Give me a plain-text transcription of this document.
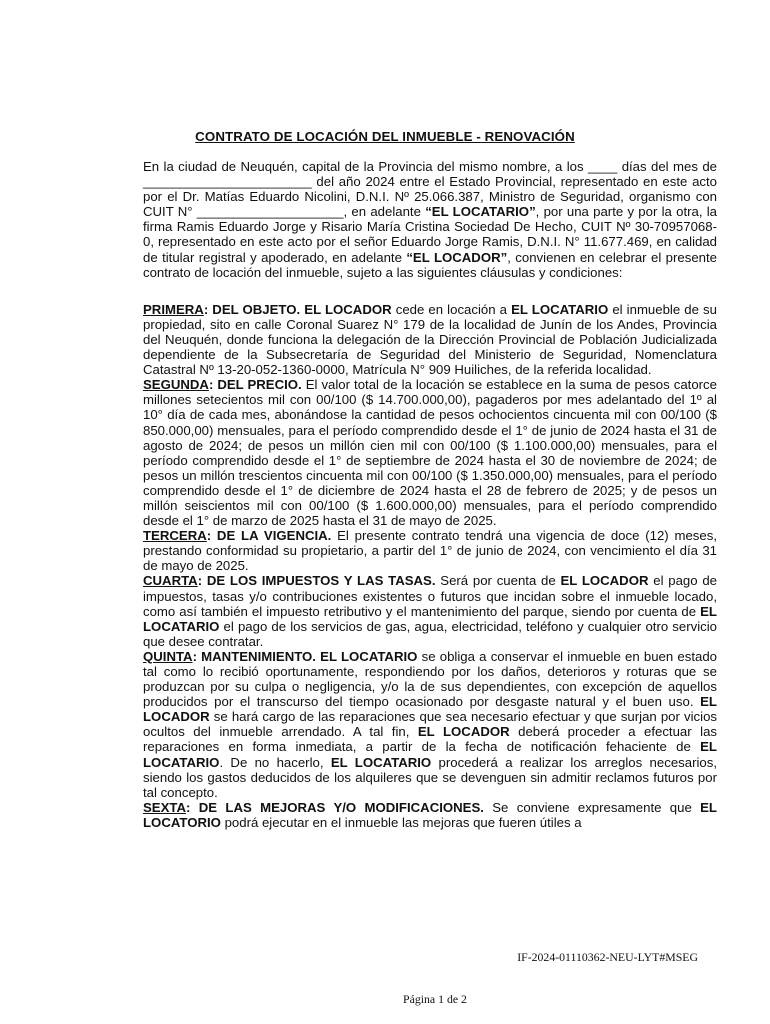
CONTRATO DE LOCACIÓN DEL INMUEBLE - RENOVACIÓN

En la ciudad de Neuquén, capital de la Provincia del mismo nombre, a los ____ días del mes de _______________________ del año 2024 entre el Estado Provincial, representado en este acto por el Dr. Matías Eduardo Nicolini, D.N.I. Nº 25.066.387, Ministro de Seguridad, organismo con CUIT N° ____________________, en adelante “EL LOCATARIO”, por una parte y por la otra, la firma Ramis Eduardo Jorge y Risario María Cristina Sociedad De Hecho, CUIT Nº 30-70957068-0, representado en este acto por el señor Eduardo Jorge Ramis, D.N.I. N° 11.677.469, en calidad de titular registral y apoderado, en adelante “EL LOCADOR”, convienen en celebrar el presente contrato de locación del inmueble, sujeto a las siguientes cláusulas y condiciones:

PRIMERA: DEL OBJETO. EL LOCADOR cede en locación a EL LOCATARIO el inmueble de su propiedad, sito en calle Coronal Suarez N° 179 de la localidad de Junín de los Andes, Provincia del Neuquén, donde funciona la delegación de la Dirección Provincial de Población Judicializada dependiente de la Subsecretaría de Seguridad del Ministerio de Seguridad, Nomenclatura Catastral Nº 13-20-052-1360-0000, Matrícula N° 909 Huiliches, de la referida localidad.

SEGUNDA: DEL PRECIO. El valor total de la locación se establece en la suma de pesos catorce millones setecientos mil con 00/100 ($ 14.700.000,00), pagaderos por mes adelantado del 1º al 10° día de cada mes, abonándose la cantidad de pesos ochocientos cincuenta mil con 00/100 ($ 850.000,00) mensuales, para el período comprendido desde el 1° de junio de 2024 hasta el 31 de agosto de 2024; de pesos un millón cien mil con 00/100 ($ 1.100.000,00) mensuales, para el período comprendido desde el 1° de septiembre de 2024 hasta el 30 de noviembre de 2024; de pesos un millón trescientos cincuenta mil con 00/100 ($ 1.350.000,00) mensuales, para el período comprendido desde el 1° de diciembre de 2024 hasta el 28 de febrero de 2025; y de pesos un millón seiscientos mil con 00/100 ($ 1.600.000,00) mensuales, para el período comprendido desde el 1° de marzo de 2025 hasta el 31 de mayo de 2025.

TERCERA: DE LA VIGENCIA. El presente contrato tendrá una vigencia de doce (12) meses, prestando conformidad su propietario, a partir del 1° de junio de 2024, con vencimiento el día 31 de mayo de 2025.

CUARTA: DE LOS IMPUESTOS Y LAS TASAS. Será por cuenta de EL LOCADOR el pago de impuestos, tasas y/o contribuciones existentes o futuros que incidan sobre el inmueble locado, como así también el impuesto retributivo y el mantenimiento del parque, siendo por cuenta de EL LOCATARIO el pago de los servicios de gas, agua, electricidad, teléfono y cualquier otro servicio que desee contratar.

QUINTA: MANTENIMIENTO. EL LOCATARIO se obliga a conservar el inmueble en buen estado tal como lo recibió oportunamente, respondiendo por los daños, deterioros y roturas que se produzcan por su culpa o negligencia, y/o la de sus dependientes, con excepción de aquellos producidos por el transcurso del tiempo ocasionado por desgaste natural y el buen uso. EL LOCADOR se hará cargo de las reparaciones que sea necesario efectuar y que surjan por vicios ocultos del inmueble arrendado. A tal fin, EL LOCADOR deberá proceder a efectuar las reparaciones en forma inmediata, a partir de la fecha de notificación fehaciente de EL LOCATARIO. De no hacerlo, EL LOCATARIO procederá a realizar los arreglos necesarios, siendo los gastos deducidos de los alquileres que se devenguen sin admitir reclamos futuros por tal concepto.

SEXTA: DE LAS MEJORAS Y/O MODIFICACIONES. Se conviene expresamente que EL LOCATORIO podrá ejecutar en el inmueble las mejoras que fueren útiles a

IF-2024-01110362-NEU-LYT#MSEG
Página 1 de 2
